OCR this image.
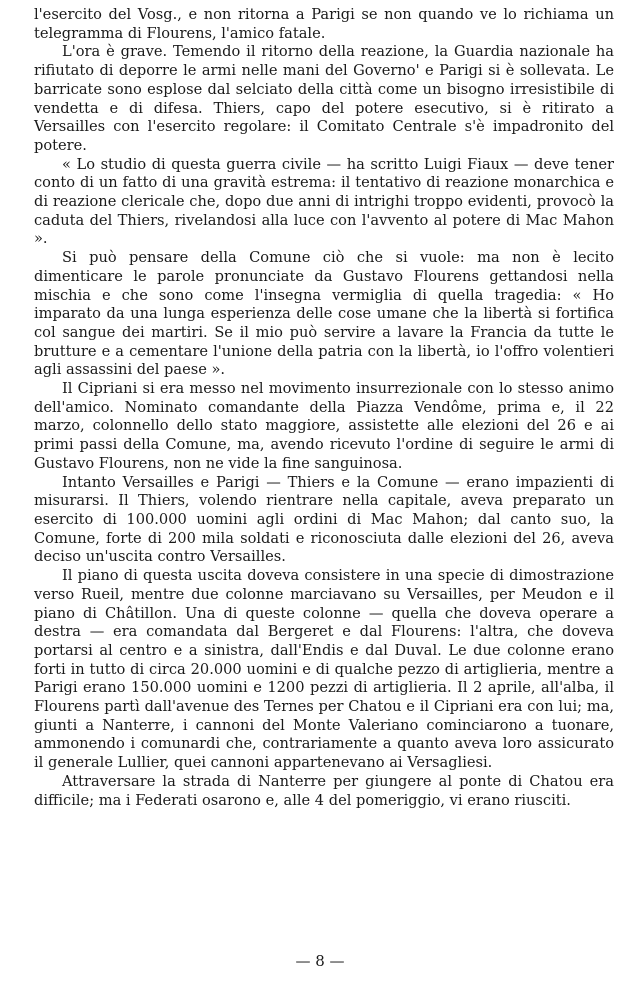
l'esercito del Vosg., e non ritorna a Parigi se non quando ve lo richiama un telegramma di Flourens, l'amico fatale.

L'ora è grave. Temendo il ritorno della reazione, la Guardia nazionale ha rifiutato di deporre le armi nelle mani del Governo' e Parigi si è sollevata. Le barricate sono esplose dal selciato della città come un bisogno irresistibile di vendetta e di difesa. Thiers, capo del potere esecutivo, si è ritirato a Versailles con l'esercito regolare: il Comitato Centrale s'è impadronito del potere.

« Lo studio di questa guerra civile — ha scritto Luigi Fiaux — deve tener conto di un fatto di una gravità estrema: il tentativo di reazione monarchica e di reazione clericale che, dopo due anni di intrighi troppo evidenti, provocò la caduta del Thiers, rivelandosi alla luce con l'avvento al potere di Mac Mahon ».

Si può pensare della Comune ciò che si vuole: ma non è lecito dimenticare le parole pronunciate da Gustavo Flourens gettandosi nella mischia e che sono come l'insegna vermiglia di quella tragedia: « Ho imparato da una lunga esperienza delle cose umane che la libertà si fortifica col sangue dei martiri. Se il mio può servire a lavare la Francia da tutte le brutture e a cementare l'unione della patria con la libertà, io l'offro volentieri agli assassini del paese ».

Il Cipriani si era messo nel movimento insurrezionale con lo stesso animo dell'amico. Nominato comandante della Piazza Vendôme, prima e, il 22 marzo, colonnello dello stato maggiore, assistette alle elezioni del 26 e ai primi passi della Comune, ma, avendo ricevuto l'ordine di seguire le armi di Gustavo Flourens, non ne vide la fine sanguinosa.

Intanto Versailles e Parigi — Thiers e la Comune — erano impazienti di misurarsi. Il Thiers, volendo rientrare nella capitale, aveva preparato un esercito di 100.000 uomini agli ordini di Mac Mahon; dal canto suo, la Comune, forte di 200 mila soldati e riconosciuta dalle elezioni del 26, aveva deciso un'uscita contro Versailles.

Il piano di questa uscita doveva consistere in una specie di dimostrazione verso Rueil, mentre due colonne marciavano su Versailles, per Meudon e il piano di Châtillon. Una di queste colonne — quella che doveva operare a destra — era comandata dal Bergeret e dal Flourens: l'altra, che doveva portarsi al centro e a sinistra, dall'Endis e dal Duval. Le due colonne erano forti in tutto di circa 20.000 uomini e di qualche pezzo di artiglieria, mentre a Parigi erano 150.000 uomini e 1200 pezzi di artiglieria. Il 2 aprile, all'alba, il Flourens partì dall'avenue des Ternes per Chatou e il Cipriani era con lui; ma, giunti a Nanterre, i cannoni del Monte Valeriano cominciarono a tuonare, ammonendo i comunardi che, contrariamente a quanto aveva loro assicurato il generale Lullier, quei cannoni appartenevano ai Versagliesi.

Attraversare la strada di Nanterre per giungere al ponte di Chatou era difficile; ma i Federati osarono e, alle 4 del pomeriggio, vi erano riusciti.

— 8 —
